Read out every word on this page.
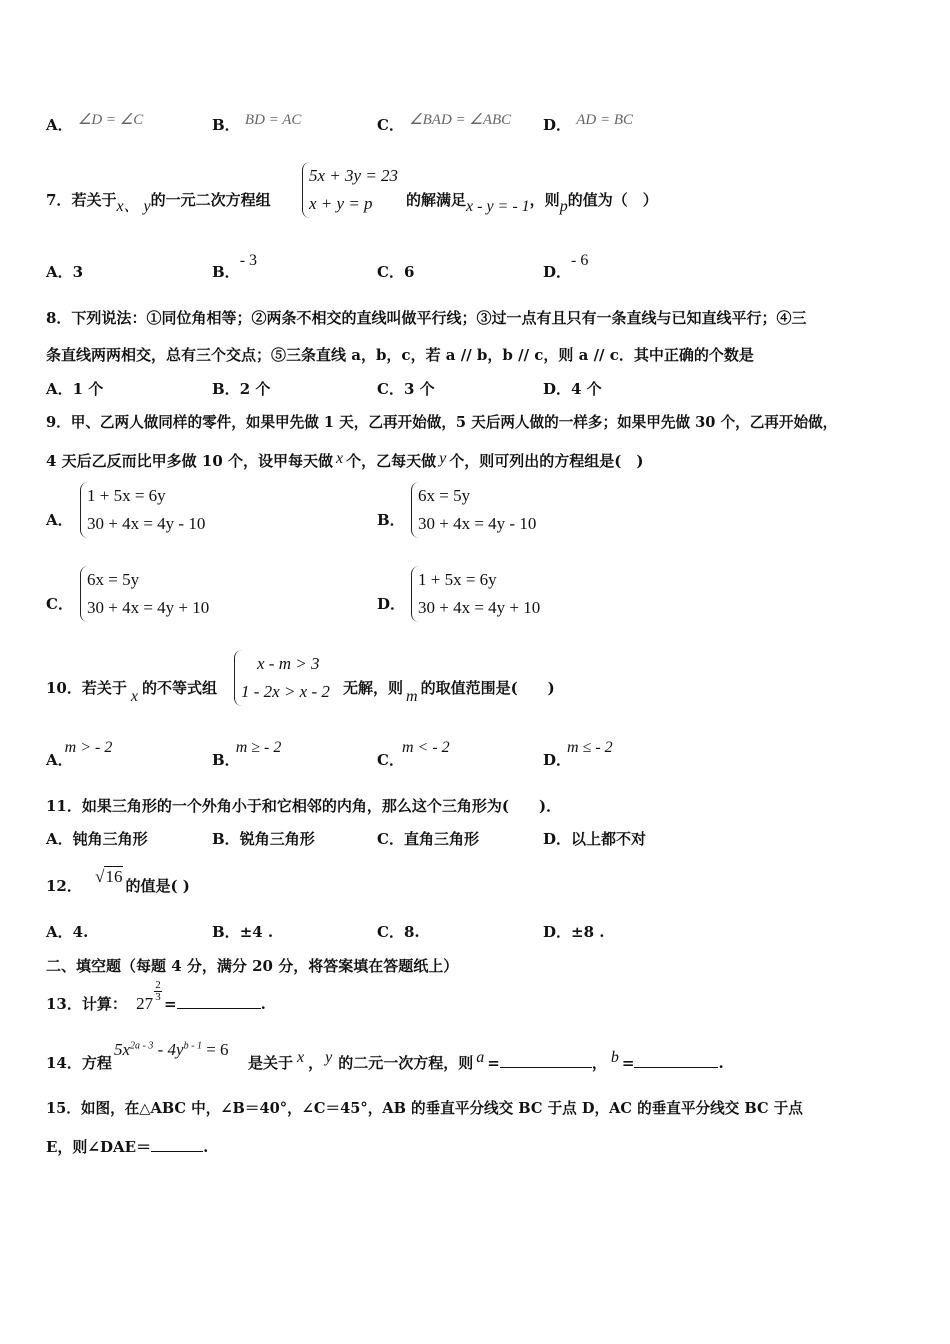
A． ∠D = ∠C	B． BD = AC	C． ∠BAD = ∠ABC D． AD = BC
7．若关于x、 y的一元二次方程组
5x + 3y = 23
x + y = p	的解满足x - y = - 1，则p的值为（　）
A．3	B．- 3
C．6	D．- 6
8．下列说法：①同位角相等；②两条不相交的直线叫做平行线；③过一点有且只有一条直线与已知直线平行；④三
条直线两两相交，总有三个交点；⑤三条直线 a，b，c，若 a // b，b // c，则 a // c．其中正确的个数是
A．1 个	B．2 个	C．3 个	D．4 个
9．甲、乙两人做同样的零件，如果甲先做 1 天，乙再开始做，5 天后两人做的一样多；如果甲先做 30 个，乙再开始做，
4 天后乙反而比甲多做 10 个，设甲每天做 x 个，乙每天做 y 个，则可列出的方程组是(　)
A．
1 + 5x = 6y
30 + 4x = 4y - 10	B．
6x = 5y
30 + 4x = 4y - 10
C．
6x = 5y
30 + 4x = 4y + 10	D．
1 + 5x = 6y
30 + 4x = 4y + 10
10．若关于 x 的不等式组
x - m > 3
1 - 2x > x - 2 无解，则 m 的取值范围是(　　)
A．m > - 2
B．m ≥ - 2
C．m < - 2
D．m ≤ - 2
11．如果三角形的一个外角小于和它相邻的内角，那么这个三角形为(　　)．
A．钝角三角形	B．锐角三角形	C．直角三角形	D．以上都不对
12． √16 的值是( )
A．4.	B．±4 .	C．8.	D．±8 .
二、填空题（每题 4 分，满分 20 分，将答案填在答题纸上）
13．计算： 27
2
3 =	.
14．方程
$5x^{2a - 3} - 4y^{b - 1} = 6$
是关于 x ， y 的二元一次方程，则 a =	， b =	.
15．如图，在△ABC 中，∠B＝40°，∠C＝45°，AB 的垂直平分线交 BC 于点 D，AC 的垂直平分线交 BC 于点
E，则∠DAE＝	.
